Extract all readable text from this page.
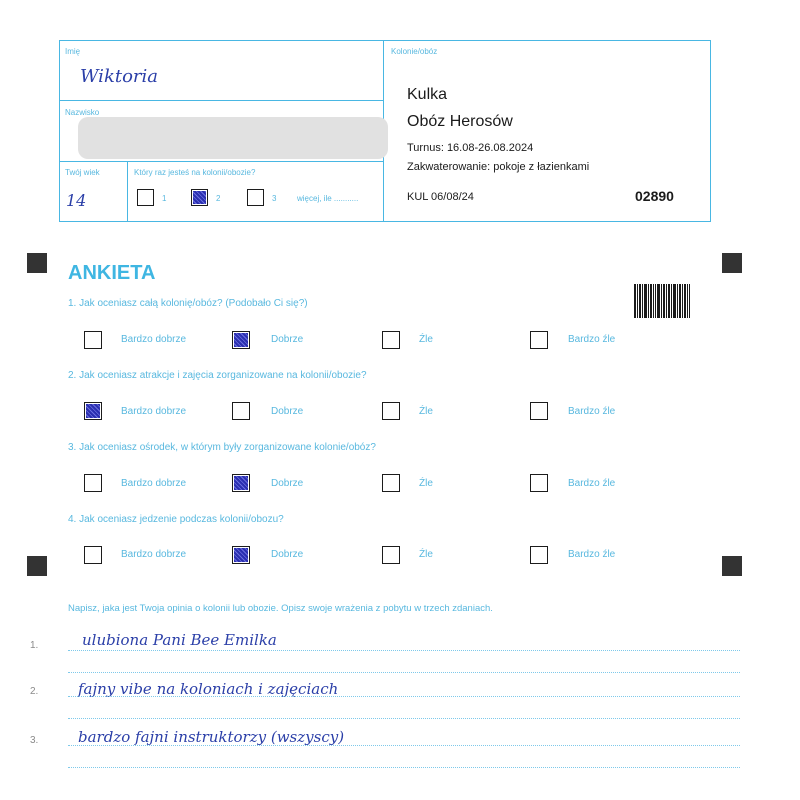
Imię
Wiktoria
Nazwisko
Twój wiek
14
Który raz jesteś na kolonii/obozie?
1	2	3	więcej, ile ...........
Kolonie/obóz
Kulka
Obóz Herosów
Turnus: 16.08-26.08.2024
Zakwaterowanie: pokoje z łazienkami
KUL 06/08/24	02890
ANKIETA
1. Jak oceniasz całą kolonię/obóz? (Podobało Ci się?)
Bardzo dobrze	Dobrze	Źle	Bardzo źle
2. Jak oceniasz atrakcje i zajęcia zorganizowane na kolonii/obozie?
Bardzo dobrze	Dobrze	Źle	Bardzo źle
3. Jak oceniasz ośrodek, w którym były zorganizowane kolonie/obóz?
Bardzo dobrze	Dobrze	Źle	Bardzo źle
4. Jak oceniasz jedzenie podczas kolonii/obozu?
Bardzo dobrze	Dobrze	Źle	Bardzo źle
Napisz, jaka jest Twoja opinia o kolonii lub obozie. Opisz swoje wrażenia z pobytu w trzech zdaniach.
1.	ulubiona Pani Bee Emilka
2.	fajny vibe na koloniach i zajęciach
3.	bardzo fajni instruktorzy (wszyscy)
